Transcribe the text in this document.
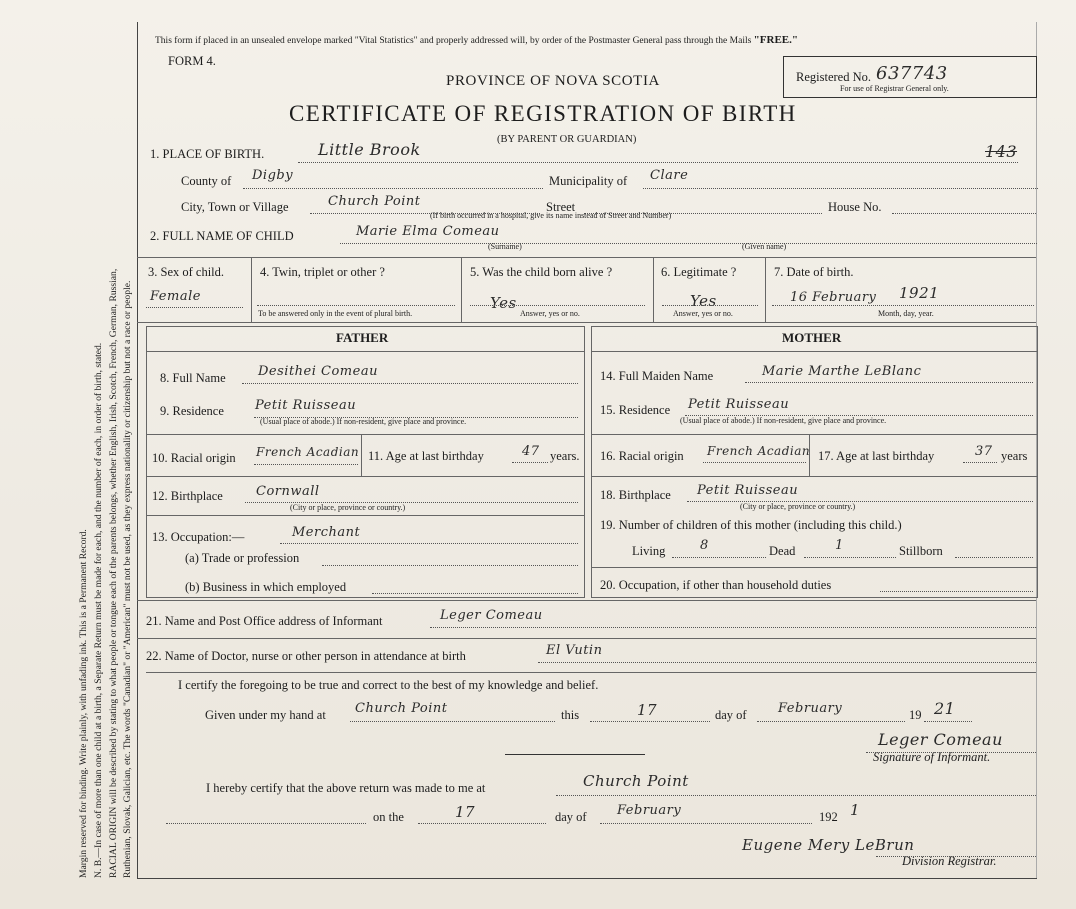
Margin reserved for binding. Write plainly, with unfading ink. This is a Permanent Record. N. B.—In case of more than one child at a birth, a Separate Return must be made for each, and the number of each, in order of birth, stated. RACIAL ORIGIN will be described by stating to what people or tongue each of the parents belongs, whether English, Irish, Scotch, French, German, Russian, Ruthenian, Slovak, Galician, etc. The words "Canadian" or "American" must not be used, as they express nationality or citizenship but not a race or people.
This form if placed in an unsealed envelope marked "Vital Statistics" and properly addressed will, by order of the Postmaster General pass through the Mails "FREE."
FORM 4.
PROVINCE OF NOVA SCOTIA
CERTIFICATE OF REGISTRATION OF BIRTH
(BY PARENT OR GUARDIAN)
Registered No. 637743
For use of Registrar General only.
143
1. PLACE OF BIRTH.	Little Brook
County of Digby	Municipality of Clare
City, Town or Village	Church Point	Street	House No.
(If birth occurred in a hospital, give its name instead of Street and Number)
2. FULL NAME OF CHILD	Marie Elma Comeau
(Surname)	(Given name)
3. Sex of child.
Female
4. Twin, triplet or other ?
To be answered only in the event of plural birth.
5. Was the child born alive ?
Yes
Answer, yes or no.
6. Legitimate ?
Yes
Answer, yes or no.
7. Date of birth.
16 February 1921
Month, day, year.
FATHER	MOTHER
8. Full Name Desithei Comeau
9. Residence Petit Ruisseau
(Usual place of abode.) If non-resident, give place and province.
10. Racial origin French Acadian 11. Age at last birthday	47 years.
12. Birthplace	Cornwall
(City or place, province or country.)
13. Occupation:—	Merchant
(a) Trade or profession
(b) Business in which employed
14. Full Maiden Name	Marie Marthe LeBlanc
15. Residence Petit Ruisseau
(Usual place of abode.) If non-resident, give place and province.
16. Racial origin French Acadian 17. Age at last birthday	37 years
18. Birthplace Petit Ruisseau
(City or place, province or country.)
19. Number of children of this mother (including this child.)
Living	8	Dead	1	Stillborn
20. Occupation, if other than household duties
21. Name and Post Office address of Informant	Leger Comeau
22. Name of Doctor, nurse or other person in attendance at birth	El Vutin
I certify the foregoing to be true and correct to the best of my knowledge and belief.
Given under my hand at Church Point	this	17	day of February	19 21
Leger Comeau
Signature of Informant.
I hereby certify that the above return was made to me at	Church Point
on the	17	day of February	192 1
Eugene Mery LeBrun
Division Registrar.
